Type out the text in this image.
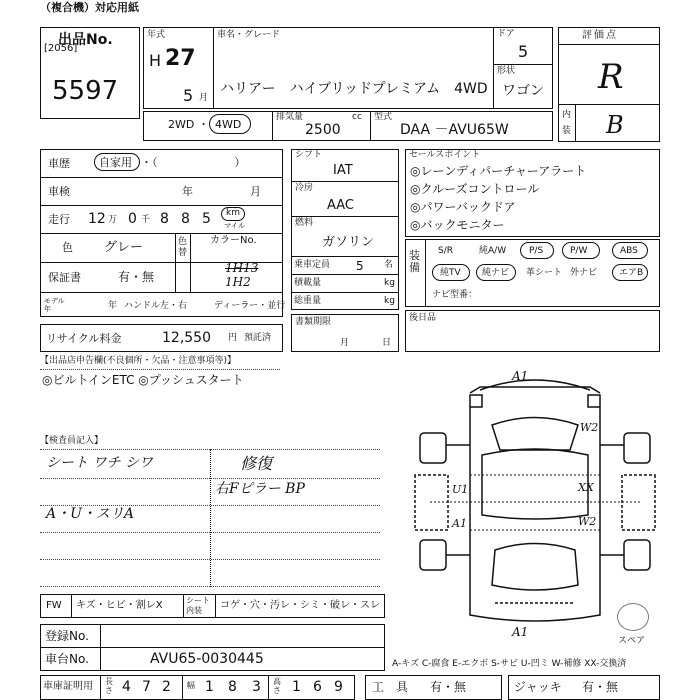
（複合機）対応用紙
出品No.
[2056]
5597
年式
H 27
5 月
車名・グレード
ハリアー　ハイブリッドプレミアム　4WD
ドア
5
形状
ワゴン
評価点
R
内装 B
2WD ・ 4WD
排気量	cc
2500
型式
DAA －AVU65W
車歴	自家用 ・（　　　　　　　）
車検	年	月
走行 12 万 0 千 8 8 5 km
マイル
色 グレー	色替
カラーNo.
1H13
1H2
保証書	有・無
モデル年	年 ハンドル 左・右	ディーラー・並行
リサイクル料金	12,550 円 預託済
シフト
IAT
冷房
AAC
燃料
ガソリン
乗車定員 5 名
積載量	kg
総重量	kg
書類期限
月	日
セールスポイント
◎レーンディパーチャーアラート
◎クルーズコントロール
◎パワーバックドア
◎バックモニター
装備
S/R	純A/W	P/S	P/W	ABS
純TV 純ナビ 革シート 外ナビ エアB
ナビ型番：
後日品
【出品店申告欄(不良個所・欠品・注意事項等)】
◎ビルトインETC ◎プッシュスタート
【検査員記入】
シート ワチ シワ
A・U・スリA
修復
右Fピラー BP
A1
W2
U1	XX
A1	W2
A1
スペア
FW キズ・ヒビ・割レX	シート内装	コゲ・穴・汚レ・シミ・破レ・スレ
登録No.
車台No.	AVU65-0030445	A-キズ C-腐食 E-エクボ S-サビ U-凹ミ W-補修 XX-交換済
車庫証明用 長さ 4 7 2 幅 1 8 3 高さ 1 6 9 工　具 有・無	ジャッキ 有・無
